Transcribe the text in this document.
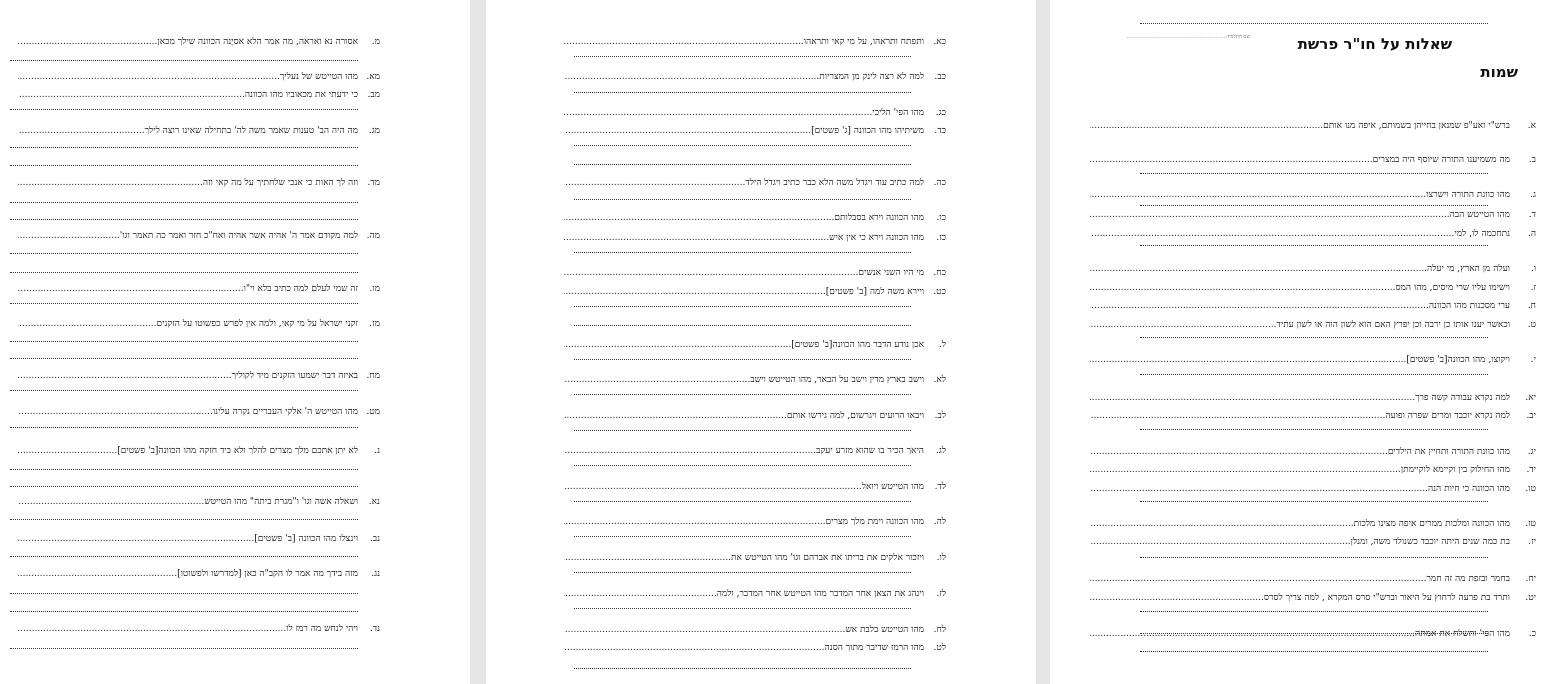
שאלות על חו"ר פרשת
שמות
שם התלמיד:..............................................................
א.
ברש"י ואע"פ שמנאן בחייהן בשמותם, איפה מנו אותם .....
ב.
מה משמיענו התורה שיוסף היה במצרים .....
ג.
מהו כוונת התורה וישרצו .....
ד.
מהו הטייטש הבה .....
ה.
נתחכמה לו, למי .....
ו.
ועלה מן הארץ, מי יעלה .....
ז.
וישימו עליו שרי מיסים, מהו המס .....
ח.
ערי מסכנות מהו הכוונה .....
ט.
וכאשר יענו אותו כן ירבה וכן יפרץ האם הוא לשון הוה או לשון עתיד .....
י.
ויקוצו, מהו הכוונה[ב' פשטים] .....
יא.
למה נקרא עבודה קשה פרך .....
יב.
למה נקרא יוכבד ומרים שפרה ופועה .....
יג.
מהו כוונת התורה ותחיין את הילדים .....
יד.
מהו החילוק בין וקיימא לוקיימתן .....
טו.
מהו הכוונה כי חיות הנה .....
טז.
מהו הכוונה ומלכות ממרים איפה מצינו מלכות .....
יז.
בת כמה שנים היתה יוכבד כשנולד משה, ומנלן .....
יח.
בחמר ובזפת מה זה חמר .....
יט.
ותרד בת פרעה לרחוץ על היאור וברש"י סרס המקרא , למה צריך לסרס .....
כ.
מהו הפי' ותשלח את אמתה .....
כא.
ותפתח ותראהו, על מי קאי ותראהו .....
כב.
למה לא רצה לינק מן המצריות .....
כג.
מהו הפי' הליכי .....
כד.
משיתיהו מהו הכוונה [ג' פשטים] .....
כה.
למה כתיב עוד ויגדל משה הלא כבר כתיב ויגדל הילד .....
כו.
מהו הכוונה וירא בסבלותם .....
כז.
מהו הכוונה וירא כי אין איש .....
כח.
מי היו השני אנשים .....
כט.
ויירא משה למה [ב' פשטים] .....
ל.
אכן נודע הדבר מהו הכוונה[ב' פשטים] .....
לא.
וישב בארץ מדין וישב על הבאר, מהו הטייטש וישב .....
לב.
ויבאו הרועים ויגרשום, למה גירשו אותם .....
לג.
היאך הכיר בו שהוא מזרע יעקב .....
לד.
מהו הטייטש ויואל .....
לה.
מהו הכוונה וימת מלך מצרים .....
לו.
ויזכור אלקים את בריתו את אברהם וגו' מהו הטייטש את .....
לז.
וינהג את הצאן אחר המדבר מהו הטייטש אחר המדבר, ולמה .....
לח.
מהו הטייטש בלבת אש .....
לט.
מהו הרמז שדיבר מתוך הסנה .....
מ.
אסורה נא ואראה, מה אמר הלא אסיָנה הכוונה שילך מכאן .....
מא.
מהו הטייטש של נעליך .....
מב.
כי ידעתי את מכאוביו מהו הכוונה .....
מג.
מה היה הב' טענות שאמר משה לה' בתחילה שאינו רוצה לילך .....
מד.
וזה לך האות כי אנכי שלחתיך על מה קאי וזה .....
מה.
למה מקודם אמר ה' אהיה אשר אהיה ואח"כ חזר ואמר כה תאמר וגו' .....
מו.
זה שמי לעלם למה כתיב בלא וי"ו .....
מז.
זקני ישראל על מי קאי, ולמה אין לפרש כפשוטו על הזקנים .....
מח.
באיזה דבר ישמעו הזקנים מיד לקוליך .....
מט.
מהו הטייטש ה' אלקי העבריים נקרה עלינו .....
נ.
לא יתן אתכם מלך מצרים להלך ולא ביד חזקה מהו הכוונה[ב' פשטים] .....
נא.
ושאלה אשה וגו' ו"מגרת ביתה" מהו הטייטש .....
נב.
וינצלו מהו הכוונה [ב' פשטים] .....
נג.
מזה בידך מה אמר לו הקב"ה כאן [למדרשו ולפשוטו] .....
נד.
ויהי לנחש מה רמז לו .....
